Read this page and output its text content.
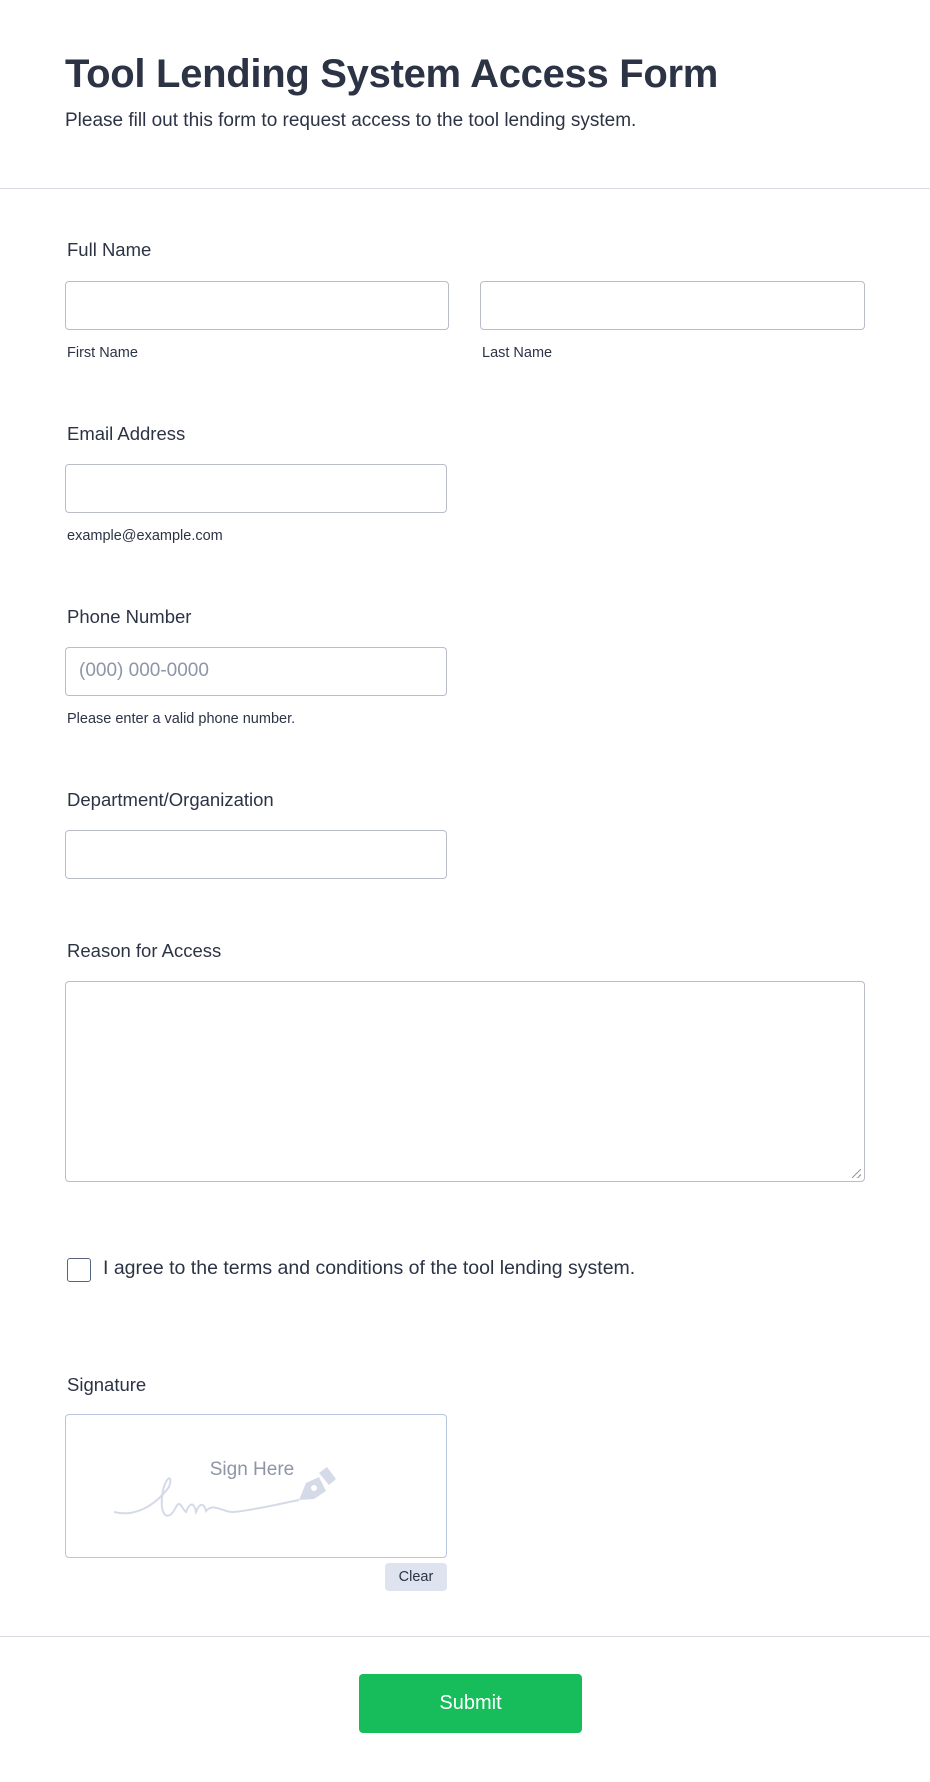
Tool Lending System Access Form
Please fill out this form to request access to the tool lending system.
Full Name
First Name	Last Name
Email Address
example@example.com
Phone Number
(000) 000-0000
Please enter a valid phone number.
Department/Organization
Reason for Access
I agree to the terms and conditions of the tool lending system.
Signature
Sign Here
Clear
Submit
